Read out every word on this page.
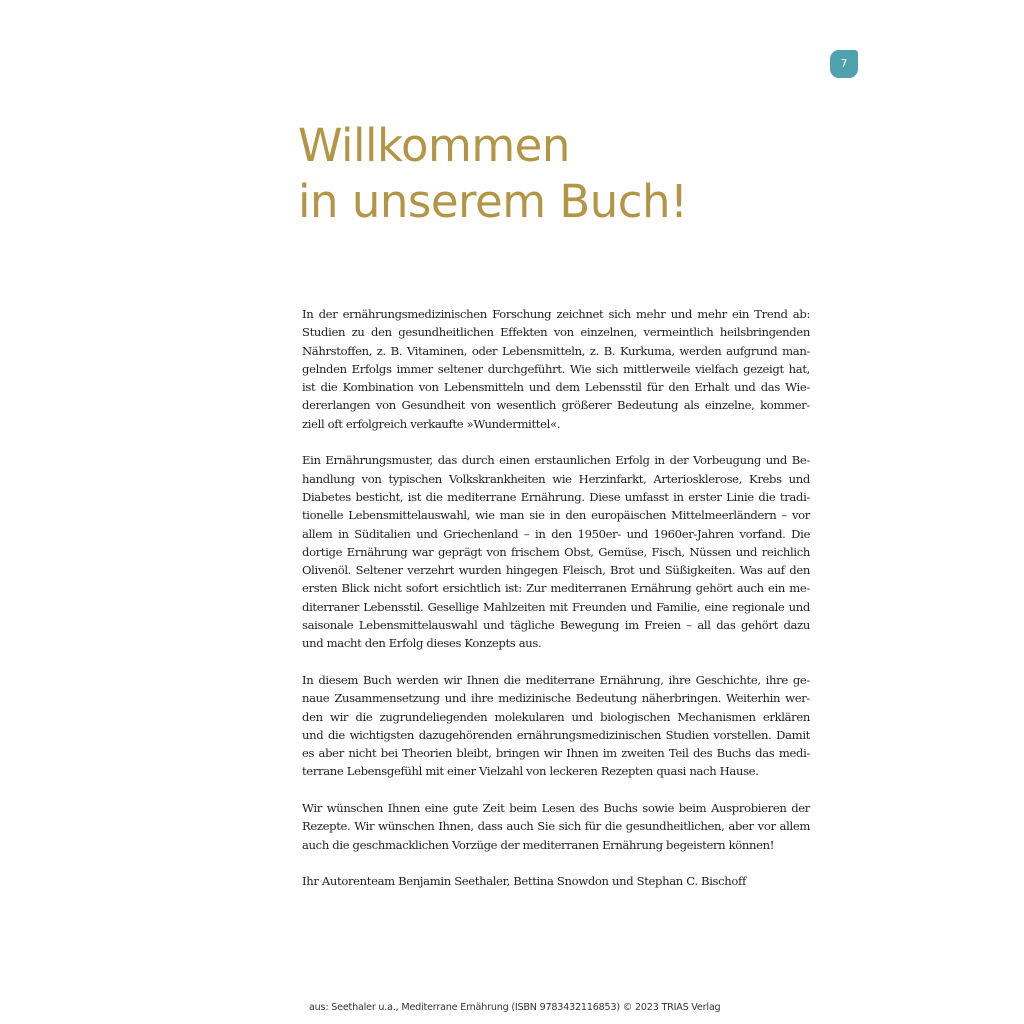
7
Willkommen
in unserem Buch!

In der ernährungsmedizinischen Forschung zeichnet sich mehr und mehr ein Trend ab:
Studien zu den gesundheitlichen Effekten von einzelnen, vermeintlich heilsbringenden
Nährstoffen, z. B. Vitaminen, oder Lebensmitteln, z. B. Kurkuma, werden aufgrund man-
gelnden Erfolgs immer seltener durchgeführt. Wie sich mittlerweile vielfach gezeigt hat,
ist die Kombination von Lebensmitteln und dem Lebensstil für den Erhalt und das Wie-
dererlangen von Gesundheit von wesentlich größerer Bedeutung als einzelne, kommer-
ziell oft erfolgreich verkaufte »Wundermittel«.

Ein Ernährungsmuster, das durch einen erstaunlichen Erfolg in der Vorbeugung und Be-
handlung von typischen Volkskrankheiten wie Herzinfarkt, Arteriosklerose, Krebs und
Diabetes besticht, ist die mediterrane Ernährung. Diese umfasst in erster Linie die tradi-
tionelle Lebensmittelauswahl, wie man sie in den europäischen Mittelmeerländern – vor
allem in Süditalien und Griechenland – in den 1950er- und 1960er-Jahren vorfand. Die
dortige Ernährung war geprägt von frischem Obst, Gemüse, Fisch, Nüssen und reichlich
Olivenöl. Seltener verzehrt wurden hingegen Fleisch, Brot und Süßigkeiten. Was auf den
ersten Blick nicht sofort ersichtlich ist: Zur mediterranen Ernährung gehört auch ein me-
diterraner Lebensstil. Gesellige Mahlzeiten mit Freunden und Familie, eine regionale und
saisonale Lebensmittelauswahl und tägliche Bewegung im Freien – all das gehört dazu
und macht den Erfolg dieses Konzepts aus.

In diesem Buch werden wir Ihnen die mediterrane Ernährung, ihre Geschichte, ihre ge-
naue Zusammensetzung und ihre medizinische Bedeutung näherbringen. Weiterhin wer-
den wir die zugrundeliegenden molekularen und biologischen Mechanismen erklären
und die wichtigsten dazugehörenden ernährungsmedizinischen Studien vorstellen. Damit
es aber nicht bei Theorien bleibt, bringen wir Ihnen im zweiten Teil des Buchs das medi-
terrane Lebensgefühl mit einer Vielzahl von leckeren Rezepten quasi nach Hause.

Wir wünschen Ihnen eine gute Zeit beim Lesen des Buchs sowie beim Ausprobieren der
Rezepte. Wir wünschen Ihnen, dass auch Sie sich für die gesundheitlichen, aber vor allem
auch die geschmacklichen Vorzüge der mediterranen Ernährung begeistern können!

Ihr Autorenteam Benjamin Seethaler, Bettina Snowdon und Stephan C. Bischoff

aus: Seethaler u.a., Mediterrane Ernährung (ISBN 9783432116853) © 2023 TRIAS Verlag
